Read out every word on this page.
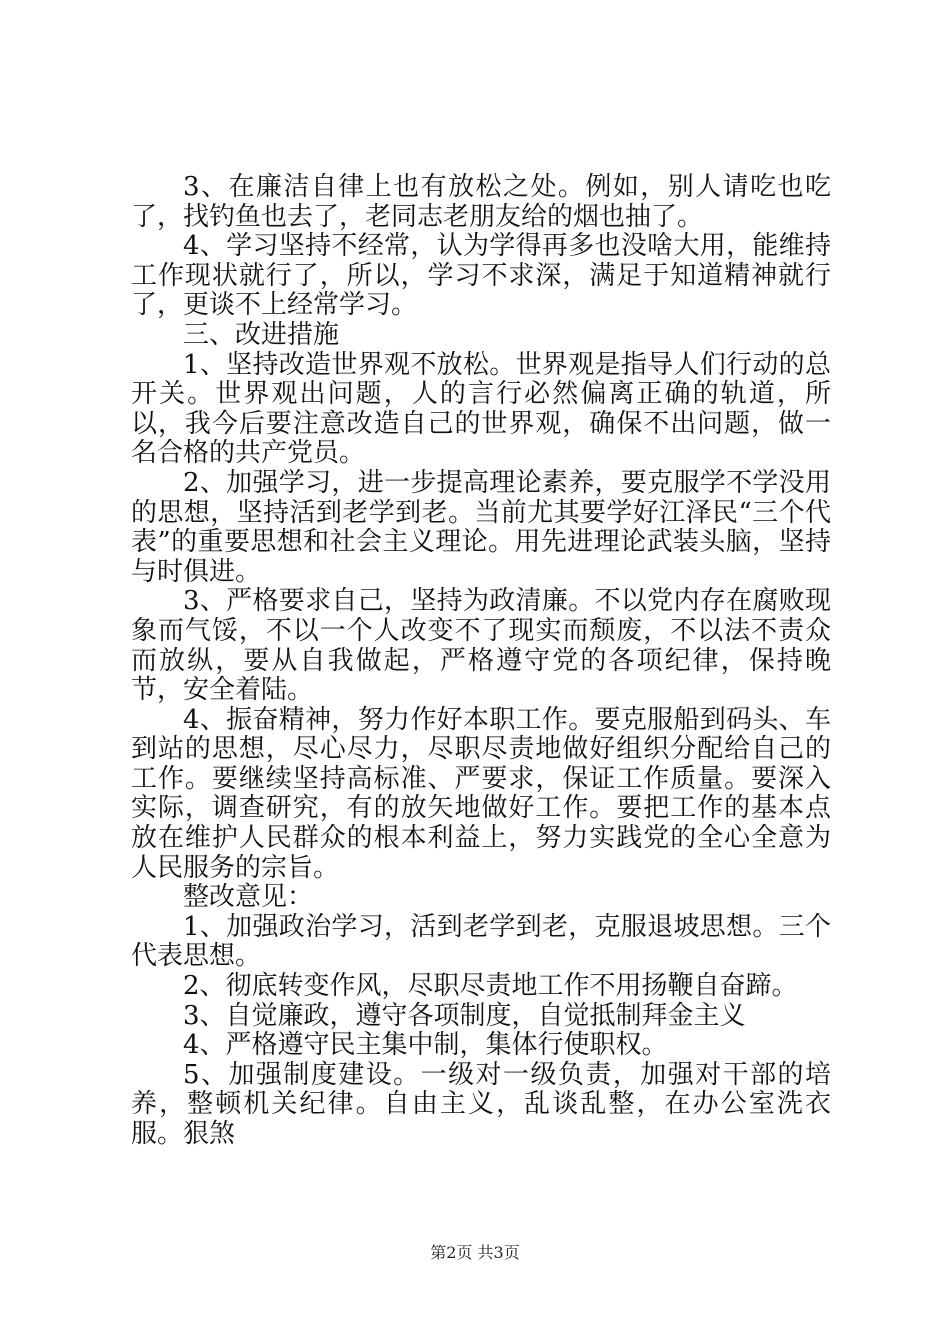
3、在廉洁自律上也有放松之处。例如，别人请吃也吃了，找钓鱼也去了，老同志老朋友给的烟也抽了。

4、学习坚持不经常，认为学得再多也没啥大用，能维持工作现状就行了，所以，学习不求深，满足于知道精神就行了，更谈不上经常学习。

三、改进措施

1、坚持改造世界观不放松。世界观是指导人们行动的总开关。世界观出问题，人的言行必然偏离正确的轨道，所以，我今后要注意改造自己的世界观，确保不出问题，做一名合格的共产党员。

2、加强学习，进一步提高理论素养，要克服学不学没用的思想，坚持活到老学到老。当前尤其要学好江泽民“三个代表”的重要思想和社会主义理论。用先进理论武装头脑，坚持与时俱进。

3、严格要求自己，坚持为政清廉。不以党内存在腐败现象而气馁，不以一个人改变不了现实而颓废，不以法不责众而放纵，要从自我做起，严格遵守党的各项纪律，保持晚节，安全着陆。

4、振奋精神，努力作好本职工作。要克服船到码头、车到站的思想，尽心尽力，尽职尽责地做好组织分配给自己的工作。要继续坚持高标准、严要求，保证工作质量。要深入实际，调查研究，有的放矢地做好工作。要把工作的基本点放在维护人民群众的根本利益上，努力实践党的全心全意为人民服务的宗旨。

整改意见：

1、加强政治学习，活到老学到老，克服退坡思想。三个代表思想。

2、彻底转变作风，尽职尽责地工作不用扬鞭自奋蹄。

3、自觉廉政，遵守各项制度，自觉抵制拜金主义

4、严格遵守民主集中制，集体行使职权。

5、加强制度建设。一级对一级负责，加强对干部的培养，整顿机关纪律。自由主义，乱谈乱整，在办公室洗衣服。狠煞

第2页 共3页
